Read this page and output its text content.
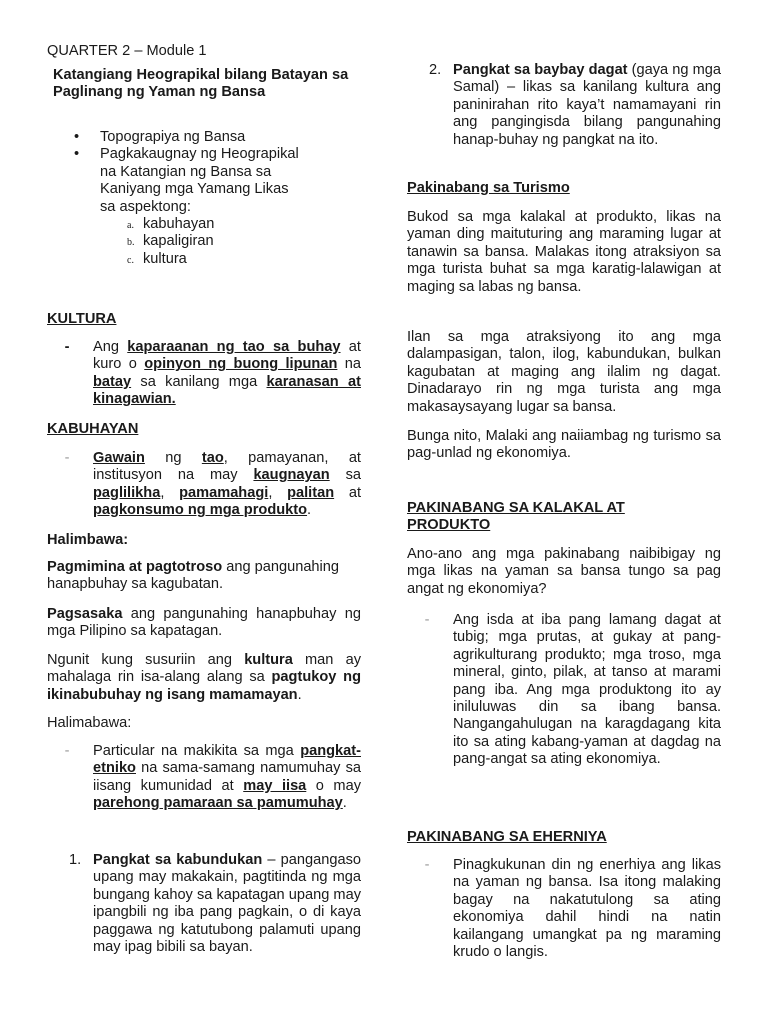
QUARTER 2 – Module 1

Katangiang Heograpikal bilang Batayan sa Paglinang ng Yaman ng Bansa

• Topograpiya ng Bansa
• Pagkakaugnay ng Heograpikal na Katangian ng Bansa sa Kaniyang mga Yamang Likas sa aspektong:
a. kabuhayan
b. kapaligiran
c. kultura

KULTURA

-	Ang kaparaanan ng tao sa buhay at kuro o opinyon ng buong lipunan na batay sa kanilang mga karanasan at kinagawian.

KABUHAYAN

-	Gawain ng tao, pamayanan, at institusyon na may kaugnayan sa paglilikha, pamamahagi, palitan at pagkonsumo ng mga produkto.

Halimbawa:

Pagmimina at pagtotroso ang pangunahing hanapbuhay sa kagubatan.

Pagsasaka ang pangunahing hanapbuhay ng mga Pilipino sa kapatagan.

Ngunit kung susuriin ang kultura man ay mahalaga rin isa-alang alang sa pagtukoy ng ikinabubuhay ng isang mamamayan.

Halimabawa:

-	Particular na makikita sa mga pangkat-etniko na sama-samang namumuhay sa iisang kumunidad at may iisa o may parehong pamaraan sa pamumuhay.
1. Pangkat sa kabundukan – pangangaso upang may makakain, pagtitinda ng mga bungang kahoy sa kapatagan upang may ipangbili ng iba pang pagkain, o di kaya paggawa ng katutubong palamuti upang may ipag bibili sa bayan.
2. Pangkat sa baybay dagat (gaya ng mga Samal) – likas sa kanilang kultura ang paninirahan rito kaya’t namamayani rin ang pangingisda bilang pangunahing hanap-buhay ng pangkat na ito.

Pakinabang sa Turismo

Bukod sa mga kalakal at produkto, likas na yaman ding maituturing ang maraming lugar at tanawin sa bansa. Malakas itong atraksiyon sa mga turista buhat sa mga karatig-lalawigan at maging sa labas ng bansa.

Ilan sa mga atraksiyong ito ang mga dalampasigan, talon, ilog, kabundukan, bulkan kagubatan at maging ang ilalim ng dagat. Dinadarayo rin ng mga turista ang mga makasaysayang lugar sa bansa.

Bunga nito, Malaki ang naiiambag ng turismo sa pag-unlad ng ekonomiya.

PAKINABANG SA KALAKAL AT PRODUKTO

Ano-ano ang mga pakinabang naibibigay ng mga likas na yaman sa bansa tungo sa pag angat ng ekonomiya?

-	Ang isda at iba pang lamang dagat at tubig; mga prutas, at gukay at pang-agrikulturang produkto; mga troso, mga mineral, ginto, pilak, at tanso at marami pang iba. Ang mga produktong ito ay iniluluwas din sa ibang bansa. Nangangahulugan na karagdagang kita ito sa ating kabang-yaman at dagdag na pang-angat sa ating ekonomiya.

PAKINABANG SA EHERNIYA

-	Pinagkukunan din ng enerhiya ang likas na yaman ng bansa. Isa itong malaking bagay na nakatutulong sa ating ekonomiya dahil hindi na natin kailangang umangkat pa ng maraming krudo o langis.
